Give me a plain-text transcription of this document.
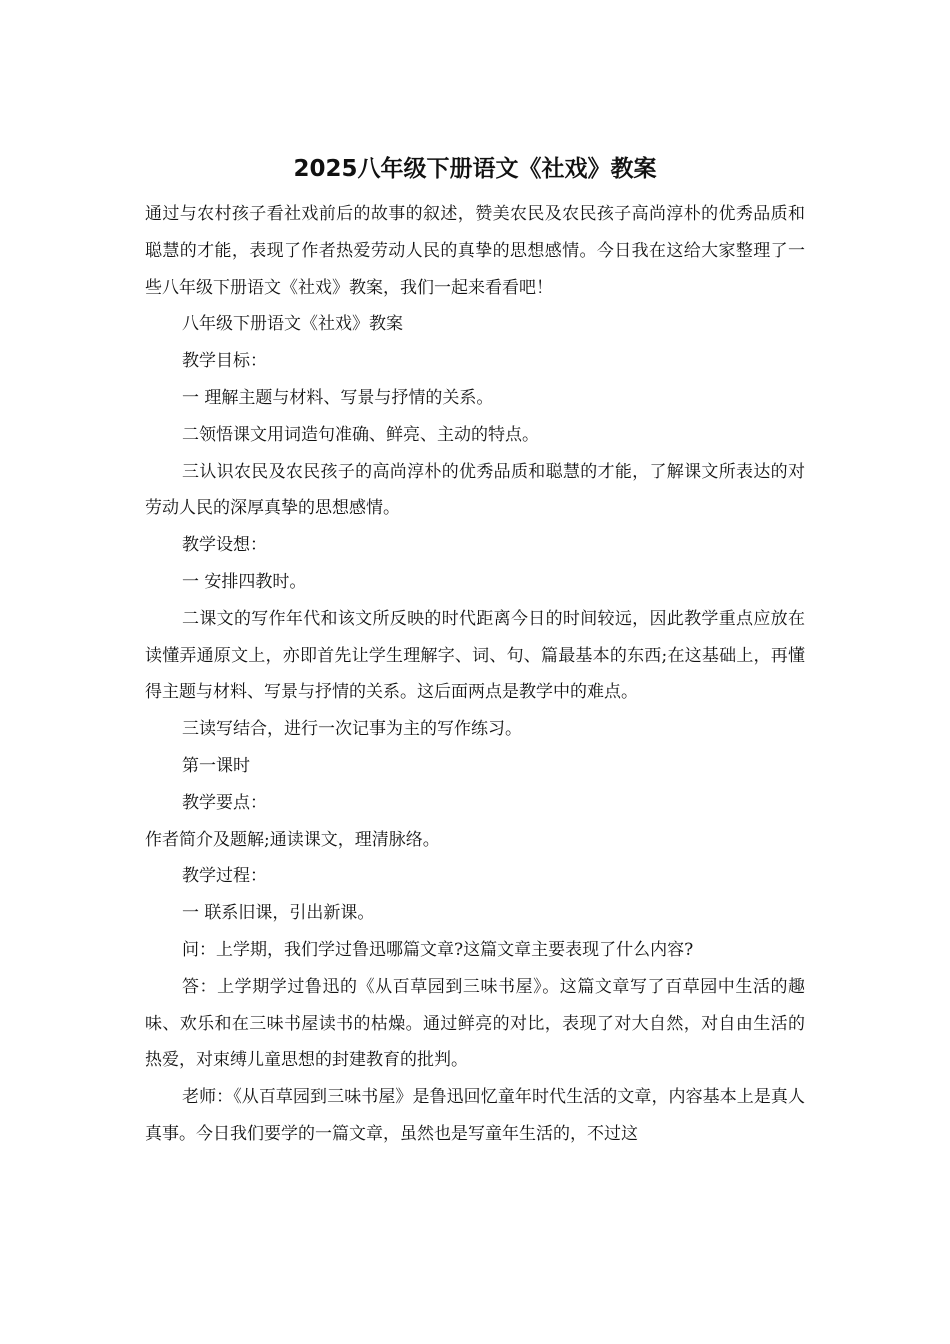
2025八年级下册语文《社戏》教案

通过与农村孩子看社戏前后的故事的叙述，赞美农民及农民孩子高尚淳朴的优秀品质和聪慧的才能，表现了作者热爱劳动人民的真挚的思想感情。今日我在这给大家整理了一些八年级下册语文《社戏》教案，我们一起来看看吧！

八年级下册语文《社戏》教案

教学目标：

一 理解主题与材料、写景与抒情的关系。

二领悟课文用词造句准确、鲜亮、主动的特点。

三认识农民及农民孩子的高尚淳朴的优秀品质和聪慧的才能，了解课文所表达的对劳动人民的深厚真挚的思想感情。

教学设想：

一 安排四教时。

二课文的写作年代和该文所反映的时代距离今日的时间较远，因此教学重点应放在读懂弄通原文上，亦即首先让学生理解字、词、句、篇最基本的东西;在这基础上，再懂得主题与材料、写景与抒情的关系。这后面两点是教学中的难点。

三读写结合，进行一次记事为主的写作练习。

第一课时

教学要点：

作者简介及题解;通读课文，理清脉络。

教学过程：

一 联系旧课，引出新课。

问：上学期，我们学过鲁迅哪篇文章?这篇文章主要表现了什么内容?

答：上学期学过鲁迅的《从百草园到三味书屋》。这篇文章写了百草园中生活的趣味、欢乐和在三味书屋读书的枯燥。通过鲜亮的对比，表现了对大自然，对自由生活的热爱，对束缚儿童思想的封建教育的批判。

老师：《从百草园到三味书屋》是鲁迅回忆童年时代生活的文章，内容基本上是真人真事。今日我们要学的一篇文章，虽然也是写童年生活的，不过这
